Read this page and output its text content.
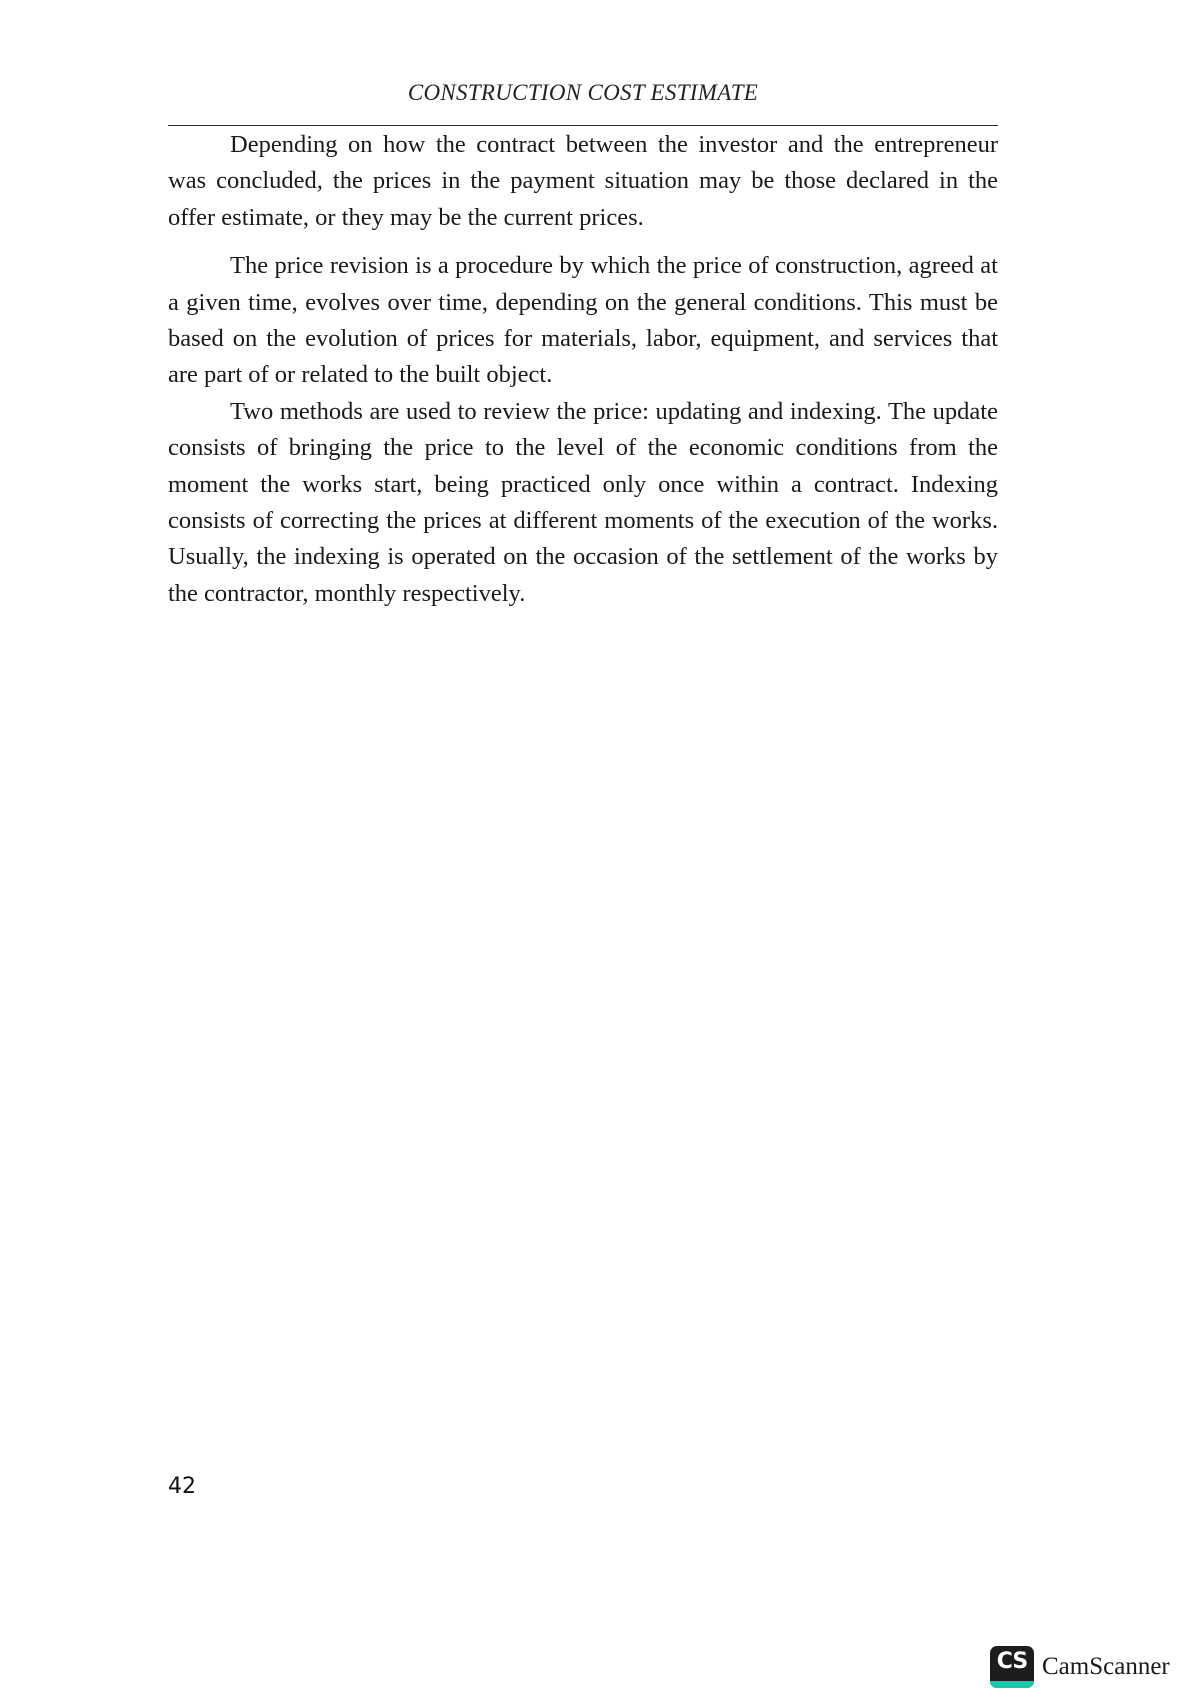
CONSTRUCTION COST ESTIMATE

Depending on how the contract between the investor and the entrepreneur was concluded, the prices in the payment situation may be those declared in the offer estimate, or they may be the current prices.

The price revision is a procedure by which the price of construction, agreed at a given time, evolves over time, depending on the general conditions. This must be based on the evolution of prices for materials, labor, equipment, and services that are part of or related to the built object.

Two methods are used to review the price: updating and indexing. The update consists of bringing the price to the level of the economic conditions from the moment the works start, being practiced only once within a contract. Indexing consists of correcting the prices at different moments of the execution of the works. Usually, the indexing is operated on the occasion of the settlement of the works by the contractor, monthly respectively.

42
CS CamScanner
